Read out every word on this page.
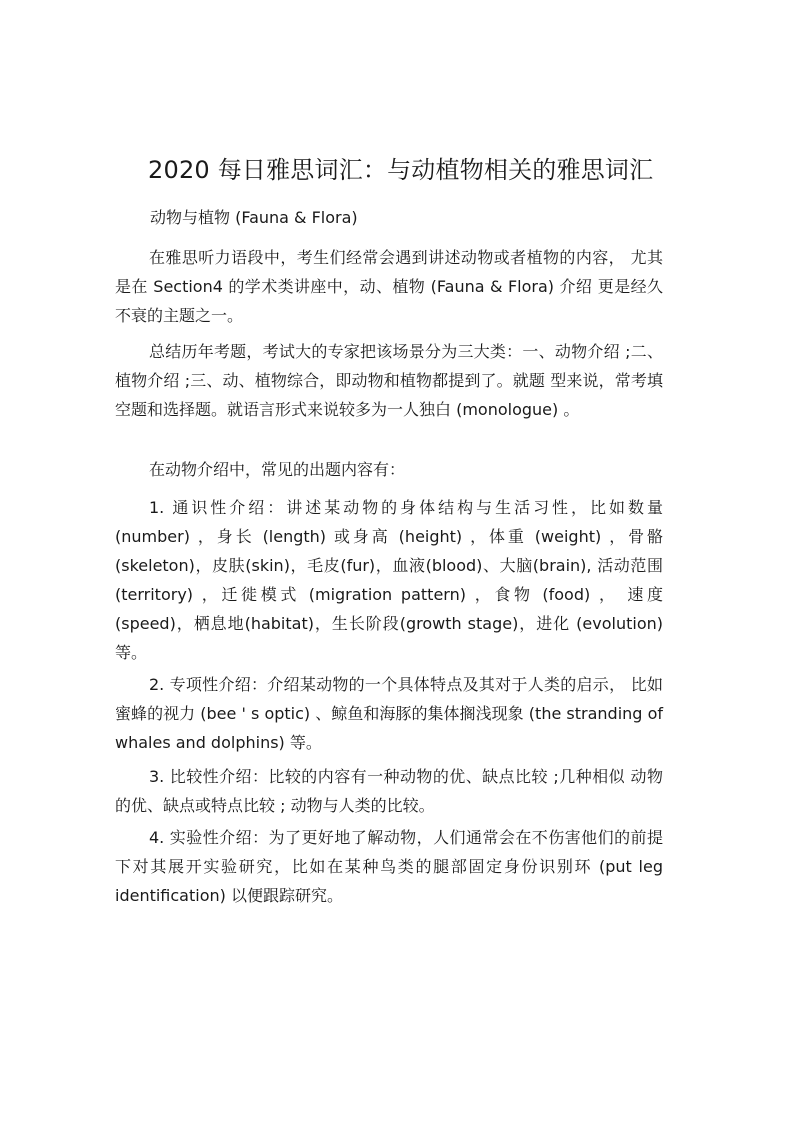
2020 每日雅思词汇：与动植物相关的雅思词汇

动物与植物 (Fauna & Flora)

在雅思听力语段中，考生们经常会遇到讲述动物或者植物的内容， 尤其是在 Section4 的学术类讲座中，动、植物 (Fauna & Flora) 介绍 更是经久不衰的主题之一。

总结历年考题，考试大的专家把该场景分为三大类：一、动物介绍 ;二、植物介绍 ;三、动、植物综合，即动物和植物都提到了。就题 型来说，常考填空题和选择题。就语言形式来说较多为一人独白 (monologue) 。

在动物介绍中，常见的出题内容有：

1. 通识性介绍：讲述某动物的身体结构与生活习性，比如数量 (number) ，身长 (length) 或身高 (height) ，体重 (weight) ，骨骼 (skeleton)，皮肤(skin)，毛皮(fur)，血液(blood)、大脑(brain), 活动范围 (territory) ，迁徙模式 (migration pattern) ，食物 (food) ， 速度 (speed)，栖息地(habitat)，生长阶段(growth stage)，进化 (evolution) 等。

2. 专项性介绍：介绍某动物的一个具体特点及其对于人类的启示， 比如蜜蜂的视力 (bee ' s optic) 、鲸鱼和海豚的集体搁浅现象 (the stranding of whales and dolphins) 等。

3. 比较性介绍：比较的内容有一种动物的优、缺点比较 ;几种相似 动物的优、缺点或特点比较 ; 动物与人类的比较。

4. 实验性介绍：为了更好地了解动物，人们通常会在不伤害他们的前提下对其展开实验研究，比如在某种鸟类的腿部固定身份识别环 (put leg identification) 以便跟踪研究。
